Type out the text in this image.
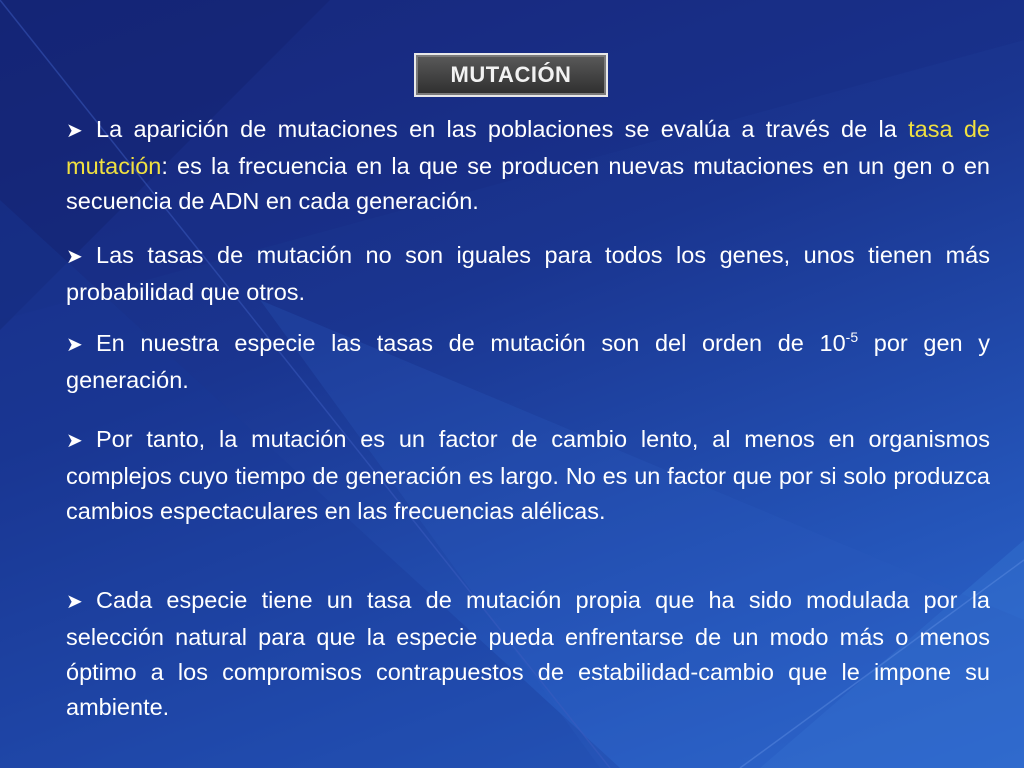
MUTACIÓN
➤ La aparición de mutaciones en las poblaciones se evalúa a través de la tasa de mutación: es la frecuencia en la que se producen nuevas mutaciones en un gen o en secuencia de ADN en cada generación.
➤ Las tasas de mutación no son iguales para todos los genes, unos tienen más probabilidad que otros.
➤ En nuestra especie las tasas de mutación son del orden de $10^{-5}$ por gen y generación.
➤ Por tanto, la mutación es un factor de cambio lento, al menos en organismos complejos cuyo tiempo de generación es largo. No es un factor que por si solo produzca cambios espectaculares en las frecuencias alélicas.
➤ Cada especie tiene un tasa de mutación propia que ha sido modulada por la selección natural para que la especie pueda enfrentarse de un modo más o menos óptimo a los compromisos contrapuestos de estabilidad-cambio que le impone su ambiente.
